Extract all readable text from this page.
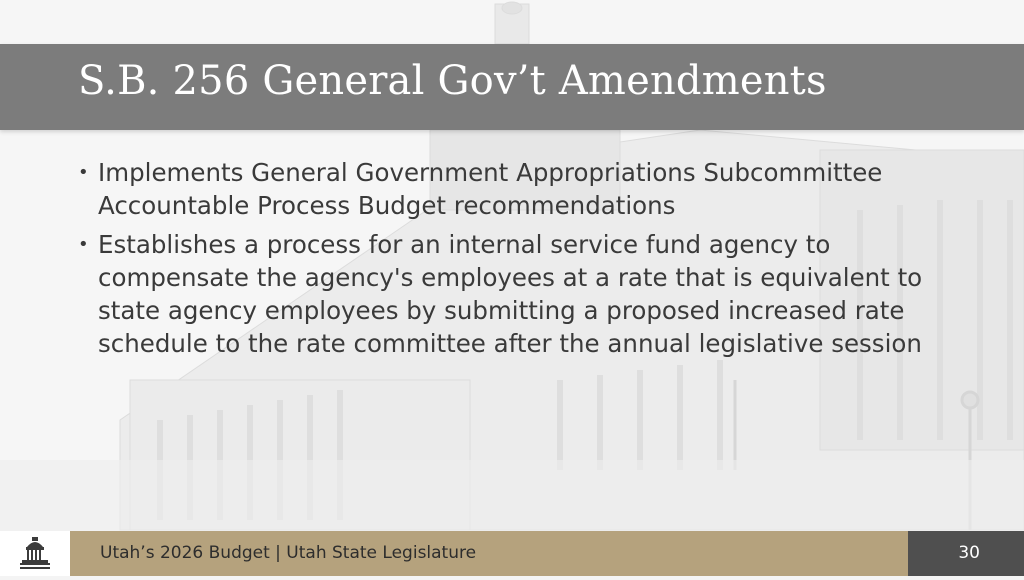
S.B. 256 General Gov’t Amendments
• Implements General Government Appropriations Subcommittee Accountable Process Budget recommendations
• Establishes a process for an internal service fund agency to compensate the agency's employees at a rate that is equivalent to state agency employees by submitting a proposed increased rate schedule to the rate committee after the annual legislative session
Utah’s 2026 Budget | Utah State Legislature	30
